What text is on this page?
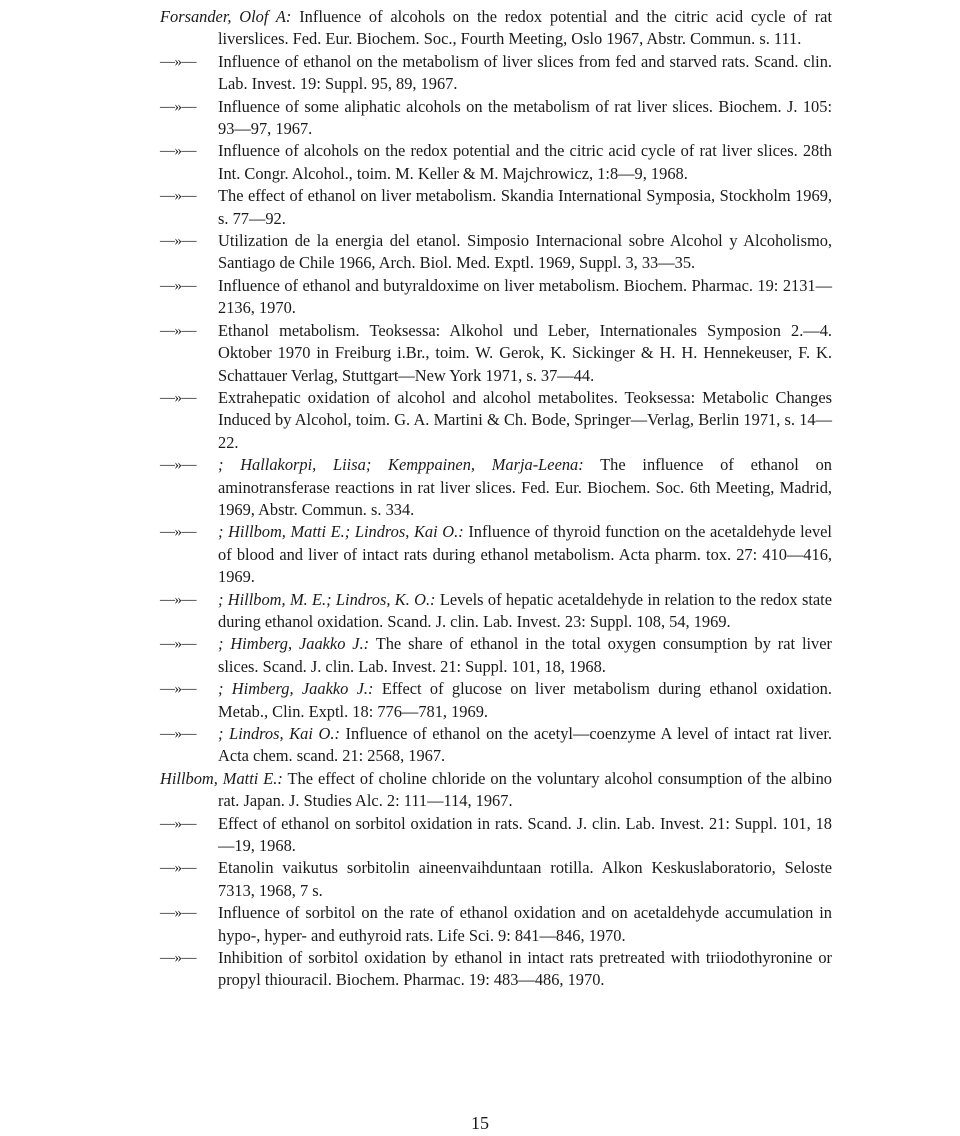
Forsander, Olof A: Influence of alcohols on the redox potential and the citric acid cycle of rat liverslices. Fed. Eur. Biochem. Soc., Fourth Meeting, Oslo 1967, Abstr. Commun. s. 111.

—»—	Influence of ethanol on the metabolism of liver slices from fed and starved rats. Scand. clin. Lab. Invest. 19: Suppl. 95, 89, 1967.

—»—	Influence of some aliphatic alcohols on the metabolism of rat liver slices. Biochem. J. 105: 93—97, 1967.

—»—	Influence of alcohols on the redox potential and the citric acid cycle of rat liver slices. 28th Int. Congr. Alcohol., toim. M. Keller & M. Majchrowicz, 1:8—9, 1968.

—»—	The effect of ethanol on liver metabolism. Skandia International Symposia, Stockholm 1969, s. 77—92.

—»—	Utilization de la energia del etanol. Simposio Internacional sobre Alcohol y Alcoholismo, Santiago de Chile 1966, Arch. Biol. Med. Exptl. 1969, Suppl. 3, 33—35.

—»—	Influence of ethanol and butyraldoxime on liver metabolism. Biochem. Pharmac. 19: 2131—2136, 1970.

—»—	Ethanol metabolism. Teoksessa: Alkohol und Leber, Internationales Symposion 2.—4. Oktober 1970 in Freiburg i.Br., toim. W. Gerok, K. Sickinger & H. H. Hennekeuser, F. K. Schattauer Verlag, Stuttgart—New York 1971, s. 37—44.

—»—	Extrahepatic oxidation of alcohol and alcohol metabolites. Teoksessa: Metabolic Changes Induced by Alcohol, toim. G. A. Martini & Ch. Bode, Springer—Verlag, Berlin 1971, s. 14—22.

—»—	; Hallakorpi, Liisa; Kemppainen, Marja-Leena: The influence of ethanol on aminotransferase reactions in rat liver slices. Fed. Eur. Biochem. Soc. 6th Meeting, Madrid, 1969, Abstr. Commun. s. 334.

—»—	; Hillbom, Matti E.; Lindros, Kai O.: Influence of thyroid function on the acetaldehyde level of blood and liver of intact rats during ethanol metabolism. Acta pharm. tox. 27: 410—416, 1969.

—»—	; Hillbom, M. E.; Lindros, K. O.: Levels of hepatic acetaldehyde in relation to the redox state during ethanol oxidation. Scand. J. clin. Lab. Invest. 23: Suppl. 108, 54, 1969.

—»—	; Himberg, Jaakko J.: The share of ethanol in the total oxygen consumption by rat liver slices. Scand. J. clin. Lab. Invest. 21: Suppl. 101, 18, 1968.

—»—	; Himberg, Jaakko J.: Effect of glucose on liver metabolism during ethanol oxidation. Metab., Clin. Exptl. 18: 776—781, 1969.

—»—	; Lindros, Kai O.: Influence of ethanol on the acetyl—coenzyme A level of intact rat liver. Acta chem. scand. 21: 2568, 1967.

Hillbom, Matti E.: The effect of choline chloride on the voluntary alcohol consumption of the albino rat. Japan. J. Studies Alc. 2: 111—114, 1967.

—»—	Effect of ethanol on sorbitol oxidation in rats. Scand. J. clin. Lab. Invest. 21: Suppl. 101, 18—19, 1968.

—»—	Etanolin vaikutus sorbitolin aineenvaihduntaan rotilla. Alkon Keskuslaboratorio, Seloste 7313, 1968, 7 s.

—»—	Influence of sorbitol on the rate of ethanol oxidation and on acetaldehyde accumulation in hypo-, hyper- and euthyroid rats. Life Sci. 9: 841—846, 1970.

—»—	Inhibition of sorbitol oxidation by ethanol in intact rats pretreated with triiodothyronine or propyl thiouracil. Biochem. Pharmac. 19: 483—486, 1970.

15
